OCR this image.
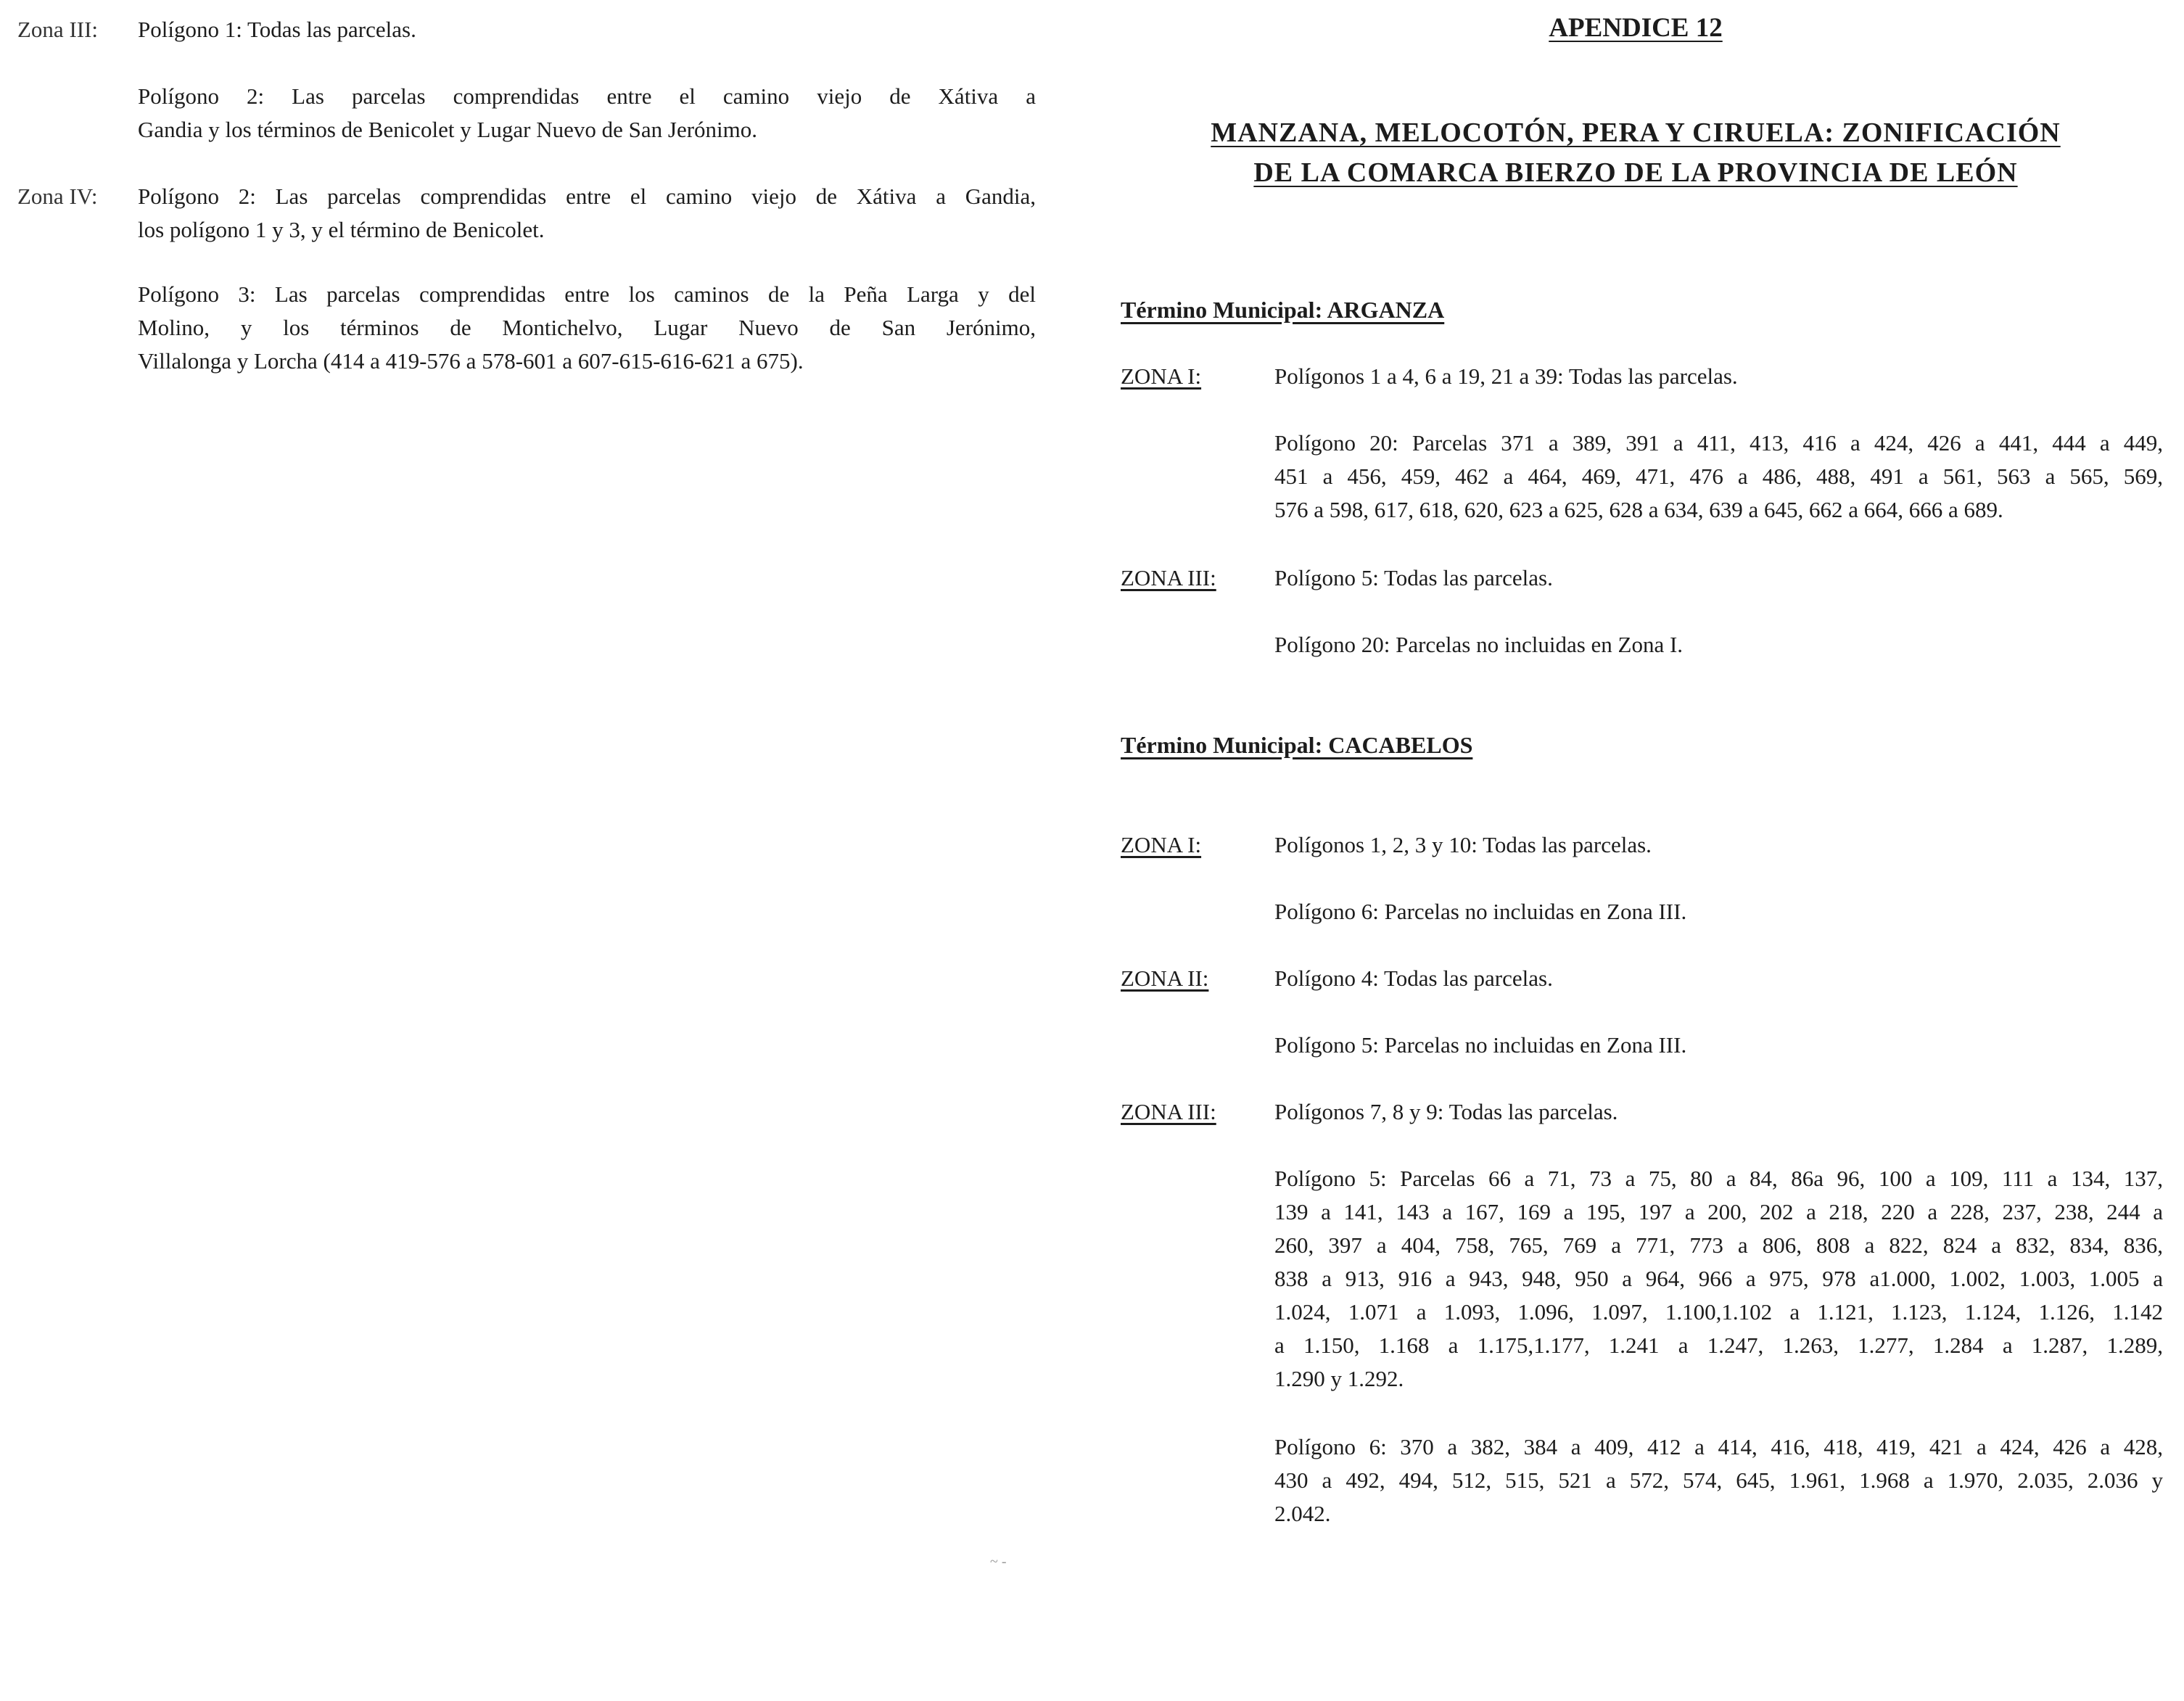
Zona III:	Polígono 1: Todas las parcelas.
Polígono 2: Las parcelas comprendidas entre el camino viejo de Xátiva a
Gandia y los términos de Benicolet y Lugar Nuevo de San Jerónimo.
Zona IV:	Polígono 2: Las parcelas comprendidas entre el camino viejo de Xátiva a Gandia,
los polígono 1 y 3, y el término de Benicolet.
Polígono 3: Las parcelas comprendidas entre los caminos de la Peña Larga y del
Molino, y los términos de Montichelvo, Lugar Nuevo de San Jerónimo,
Villalonga y Lorcha (414 a 419-576 a 578-601 a 607-615-616-621 a 675).
~ -
APENDICE 12
MANZANA, MELOCOTÓN, PERA Y CIRUELA: ZONIFICACIÓN
DE LA COMARCA BIERZO DE LA PROVINCIA DE LEÓN
Término Municipal: ARGANZA
ZONA I:	Polígonos 1 a 4, 6 a 19, 21 a 39: Todas las parcelas.
Polígono 20: Parcelas 371 a 389, 391 a 411, 413, 416 a 424, 426 a 441, 444 a 449,
451 a 456, 459, 462 a 464, 469, 471, 476 a 486, 488, 491 a 561, 563 a 565, 569,
576 a 598, 617, 618, 620, 623 a 625, 628 a 634, 639 a 645, 662 a 664, 666 a 689.
ZONA III:	Polígono 5: Todas las parcelas.
Polígono 20: Parcelas no incluidas en Zona I.
Término Municipal: CACABELOS
ZONA I:	Polígonos 1, 2, 3 y 10: Todas las parcelas.
Polígono 6: Parcelas no incluidas en Zona III.
ZONA II:	Polígono 4: Todas las parcelas.
Polígono 5: Parcelas no incluidas en Zona III.
ZONA III:	Polígonos 7, 8 y 9: Todas las parcelas.
Polígono 5: Parcelas 66 a 71, 73 a 75, 80 a 84, 86a 96, 100 a 109, 111 a 134, 137,
139 a 141, 143 a 167, 169 a 195, 197 a 200, 202 a 218, 220 a 228, 237, 238, 244 a
260, 397 a 404, 758, 765, 769 a 771, 773 a 806, 808 a 822, 824 a 832, 834, 836,
838 a 913, 916 a 943, 948, 950 a 964, 966 a 975, 978 a1.000, 1.002, 1.003, 1.005 a
1.024, 1.071 a 1.093, 1.096, 1.097, 1.100,1.102 a 1.121, 1.123, 1.124, 1.126, 1.142
a 1.150, 1.168 a 1.175,1.177, 1.241 a 1.247, 1.263, 1.277, 1.284 a 1.287, 1.289,
1.290 y 1.292.
Polígono 6: 370 a 382, 384 a 409, 412 a 414, 416, 418, 419, 421 a 424, 426 a 428,
430 a 492, 494, 512, 515, 521 a 572, 574, 645, 1.961, 1.968 a 1.970, 2.035, 2.036 y
2.042.
